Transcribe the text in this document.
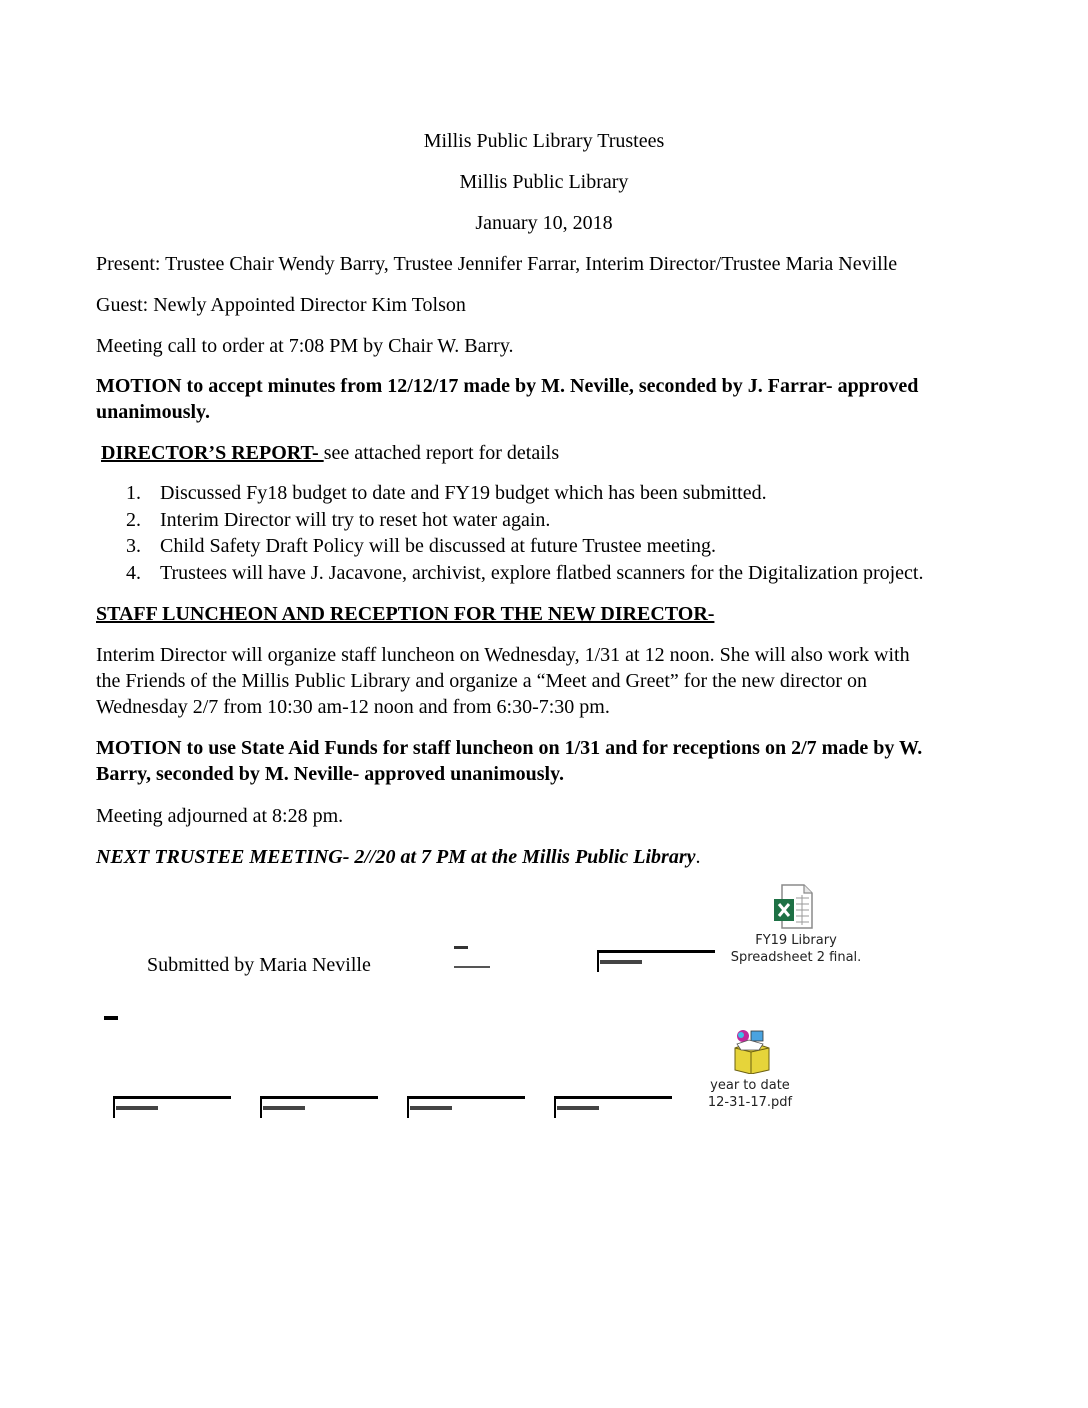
Millis Public Library Trustees
Millis Public Library
January 10, 2018
Present: Trustee Chair Wendy Barry, Trustee Jennifer Farrar, Interim Director/Trustee Maria Neville
Guest: Newly Appointed Director Kim Tolson
Meeting call to order at 7:08 PM by Chair W. Barry.
MOTION to accept minutes from 12/12/17 made by M. Neville, seconded by J. Farrar- approved
unanimously.
DIRECTOR’S REPORT- see attached report for details
1. Discussed Fy18 budget to date and FY19 budget which has been submitted.
2. Interim Director will try to reset hot water again.
3. Child Safety Draft Policy will be discussed at future Trustee meeting.
4. Trustees will have J. Jacavone, archivist, explore flatbed scanners for the Digitalization project.
STAFF LUNCHEON AND RECEPTION FOR THE NEW DIRECTOR-
Interim Director will organize staff luncheon on Wednesday, 1/31 at 12 noon. She will also work with
the Friends of the Millis Public Library and organize a “Meet and Greet” for the new director on
Wednesday 2/7 from 10:30 am-12 noon and from 6:30-7:30 pm.
MOTION to use State Aid Funds for staff luncheon on 1/31 and for receptions on 2/7 made by W.
Barry, seconded by M. Neville- approved unanimously.
Meeting adjourned at 8:28 pm.
NEXT TRUSTEE MEETING- 2//20 at 7 PM at the Millis Public Library.
Submitted by Maria Neville
FY19 Library
Spreadsheet 2 final.
year to date
12-31-17.pdf
